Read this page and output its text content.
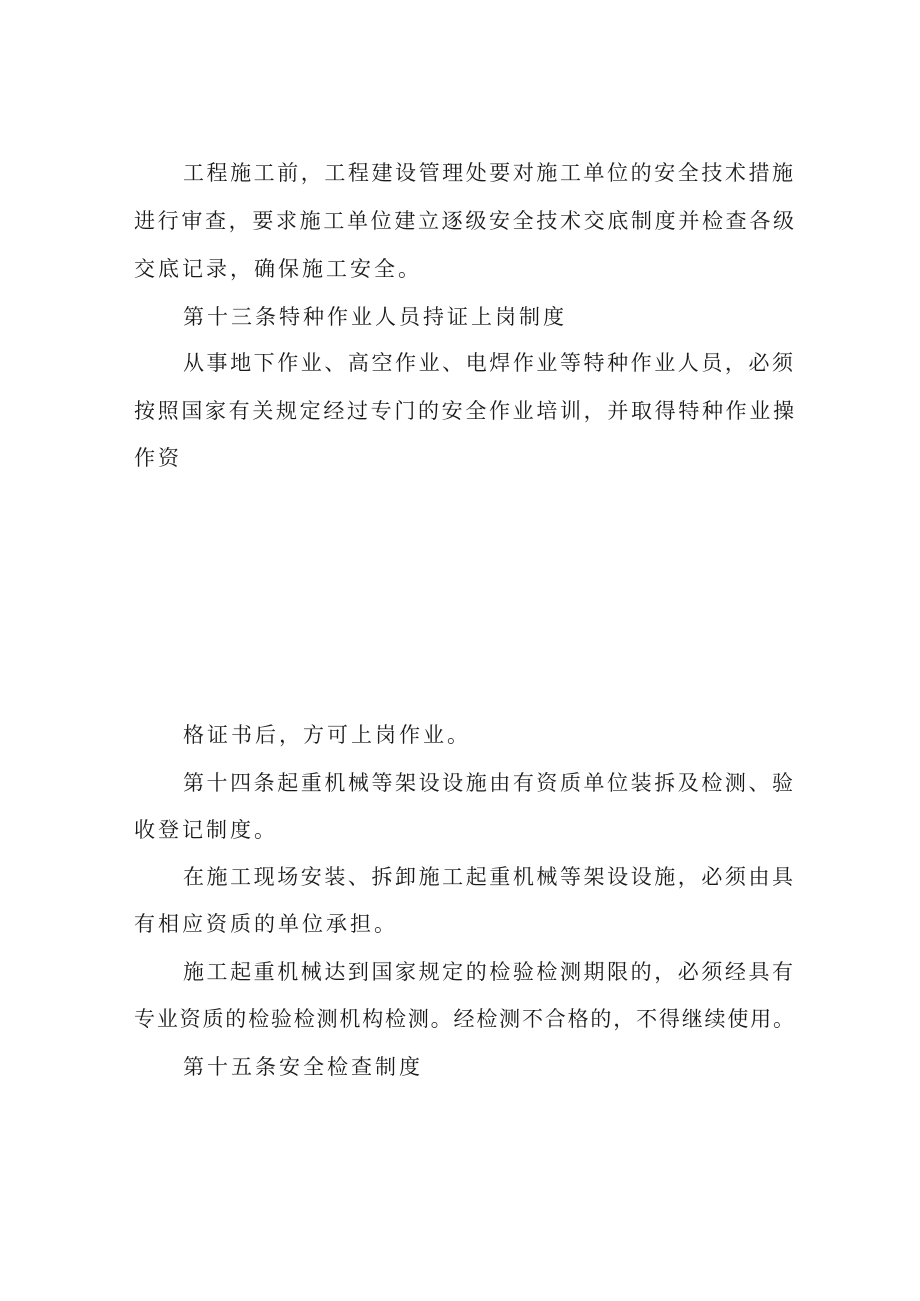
工程施工前，工程建设管理处要对施工单位的安全技术措施
进行审查，要求施工单位建立逐级安全技术交底制度并检查各级
交底记录，确保施工安全。
第十三条特种作业人员持证上岗制度
从事地下作业、高空作业、电焊作业等特种作业人员，必须
按照国家有关规定经过专门的安全作业培训，并取得特种作业操
作资
格证书后，方可上岗作业。
第十四条起重机械等架设设施由有资质单位装拆及检测、验
收登记制度。
在施工现场安装、拆卸施工起重机械等架设设施，必须由具
有相应资质的单位承担。
施工起重机械达到国家规定的检验检测期限的，必须经具有
专业资质的检验检测机构检测。经检测不合格的，不得继续使用。
第十五条安全检查制度
